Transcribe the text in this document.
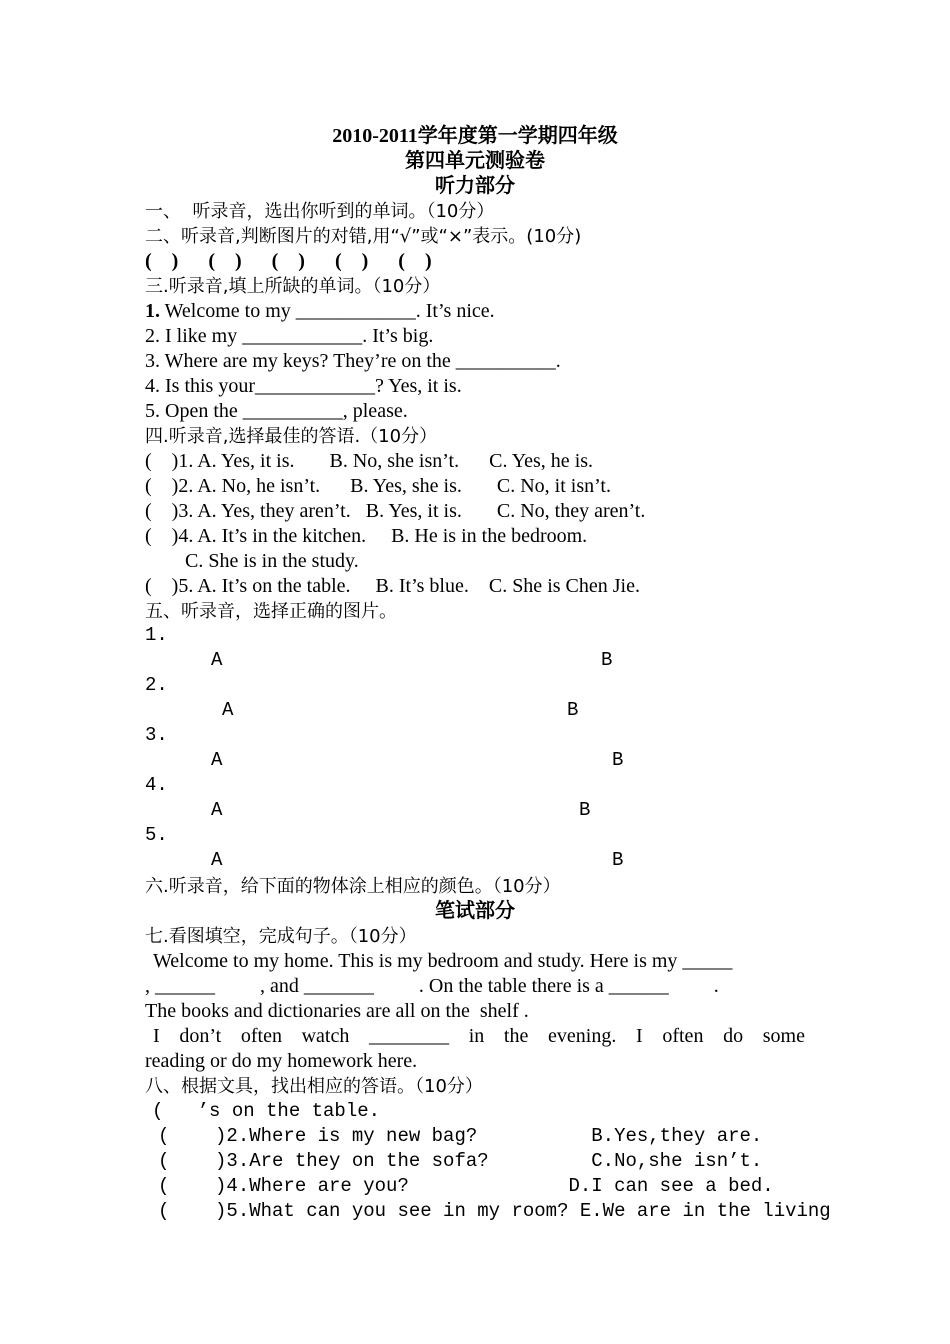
2010-2011学年度第一学期四年级
第四单元测验卷
听力部分
一、  听录音，选出你听到的单词。（10分）
二、听录音,判断图片的对错,用“√”或“×”表示。(10分)
(    )      (    )      (    )      (    )      (    )
三.听录音,填上所缺的单词。（10分）
1. Welcome to my ____________. It’s nice.
2. I like my ____________. It’s big.
3. Where are my keys? They’re on the __________.
4. Is this your____________? Yes, it is.
5. Open the __________, please.
四.听录音,选择最佳的答语.（10分）
(    )1. A. Yes, it is.       B. No, she isn’t.      C. Yes, he is.
(    )2. A. No, he isn’t.      B. Yes, she is.       C. No, it isn’t.
(    )3. A. Yes, they aren’t.   B. Yes, it is.       C. No, they aren’t.
(    )4. A. It’s in the kitchen.     B. He is in the bedroom.
C. She is in the study.
(    )5. A. It’s on the table.     B. It’s blue.    C. She is Chen Jie.
五、听录音，选择正确的图片。
1.
A	B
2.
A	B
3.
A	B
4.
A	B
5.
A	B
六.听录音，给下面的物体涂上相应的颜色。（10分）
笔试部分
七.看图填空，完成句子。（10分）
Welcome to my home. This is my bedroom and study. Here is my _____
, ______         , and _______         . On the table there is a ______         .
The books and dictionaries are all on the  shelf .
I don’t often watch ________ in the evening. I often do some
reading or do my homework here.
八、根据文具，找出相应的答语。（10分）
(   ’s on the table.
(    )2.Where is my new bag?          B.Yes,they are.
(    )3.Are they on the sofa?         C.No,she isn’t.
(    )4.Where are you?              D.I can see a bed.
(    )5.What can you see in my room? E.We are in the living
